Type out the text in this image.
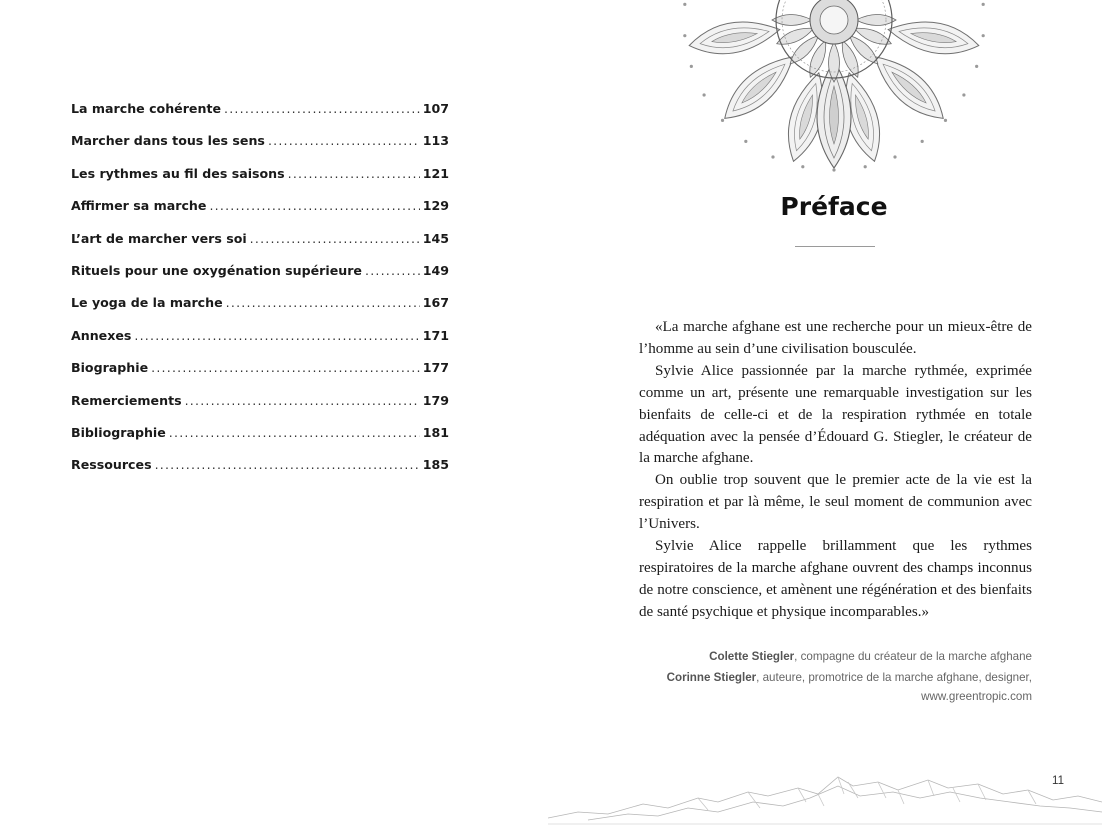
La marche cohérente .....	107
Marcher dans tous les sens .....	113
Les rythmes au fil des saisons .....	121
Affirmer sa marche .....	129
L’art de marcher vers soi .....	145
Rituels pour une oxygénation supérieure .....	149
Le yoga de la marche .....	167
Annexes .....	171
Biographie .....	177
Remerciements .....	179
Bibliographie .....	181
Ressources .....	185
Préface

«La marche afghane est une recherche pour un mieux-être de l’homme au sein d’une civilisation bousculée.

Sylvie Alice passionnée par la marche rythmée, exprimée comme un art, présente une remarquable investigation sur les bienfaits de celle-ci et de la respiration rythmée en totale adéquation avec la pensée d’Édouard G. Stiegler, le créateur de la marche afghane.

On oublie trop souvent que le premier acte de la vie est la respiration et par là même, le seul moment de communion avec l’Univers.

Sylvie Alice rappelle brillamment que les rythmes respiratoires de la marche afghane ouvrent des champs inconnus de notre conscience, et amènent une régénération et des bienfaits de santé psychique et physique incomparables.»

Colette Stiegler, compagne du créateur de la marche afghane
Corinne Stiegler, auteure, promotrice de la marche afghane, designer,
www.greentropic.com
11
